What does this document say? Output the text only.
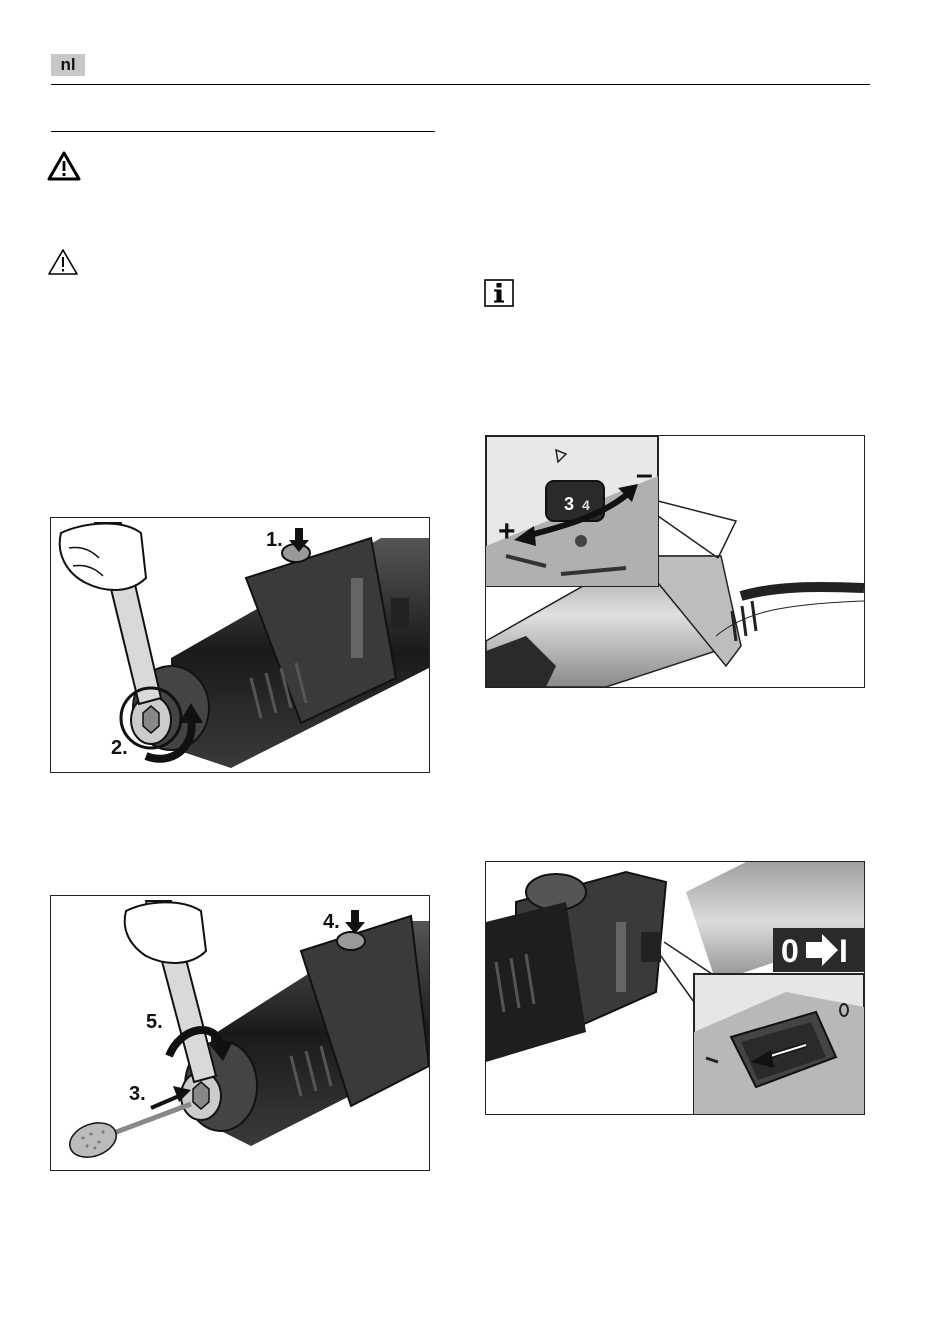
nl
1.
2.
4.
5.
3.
3 4
+
–
0 I
